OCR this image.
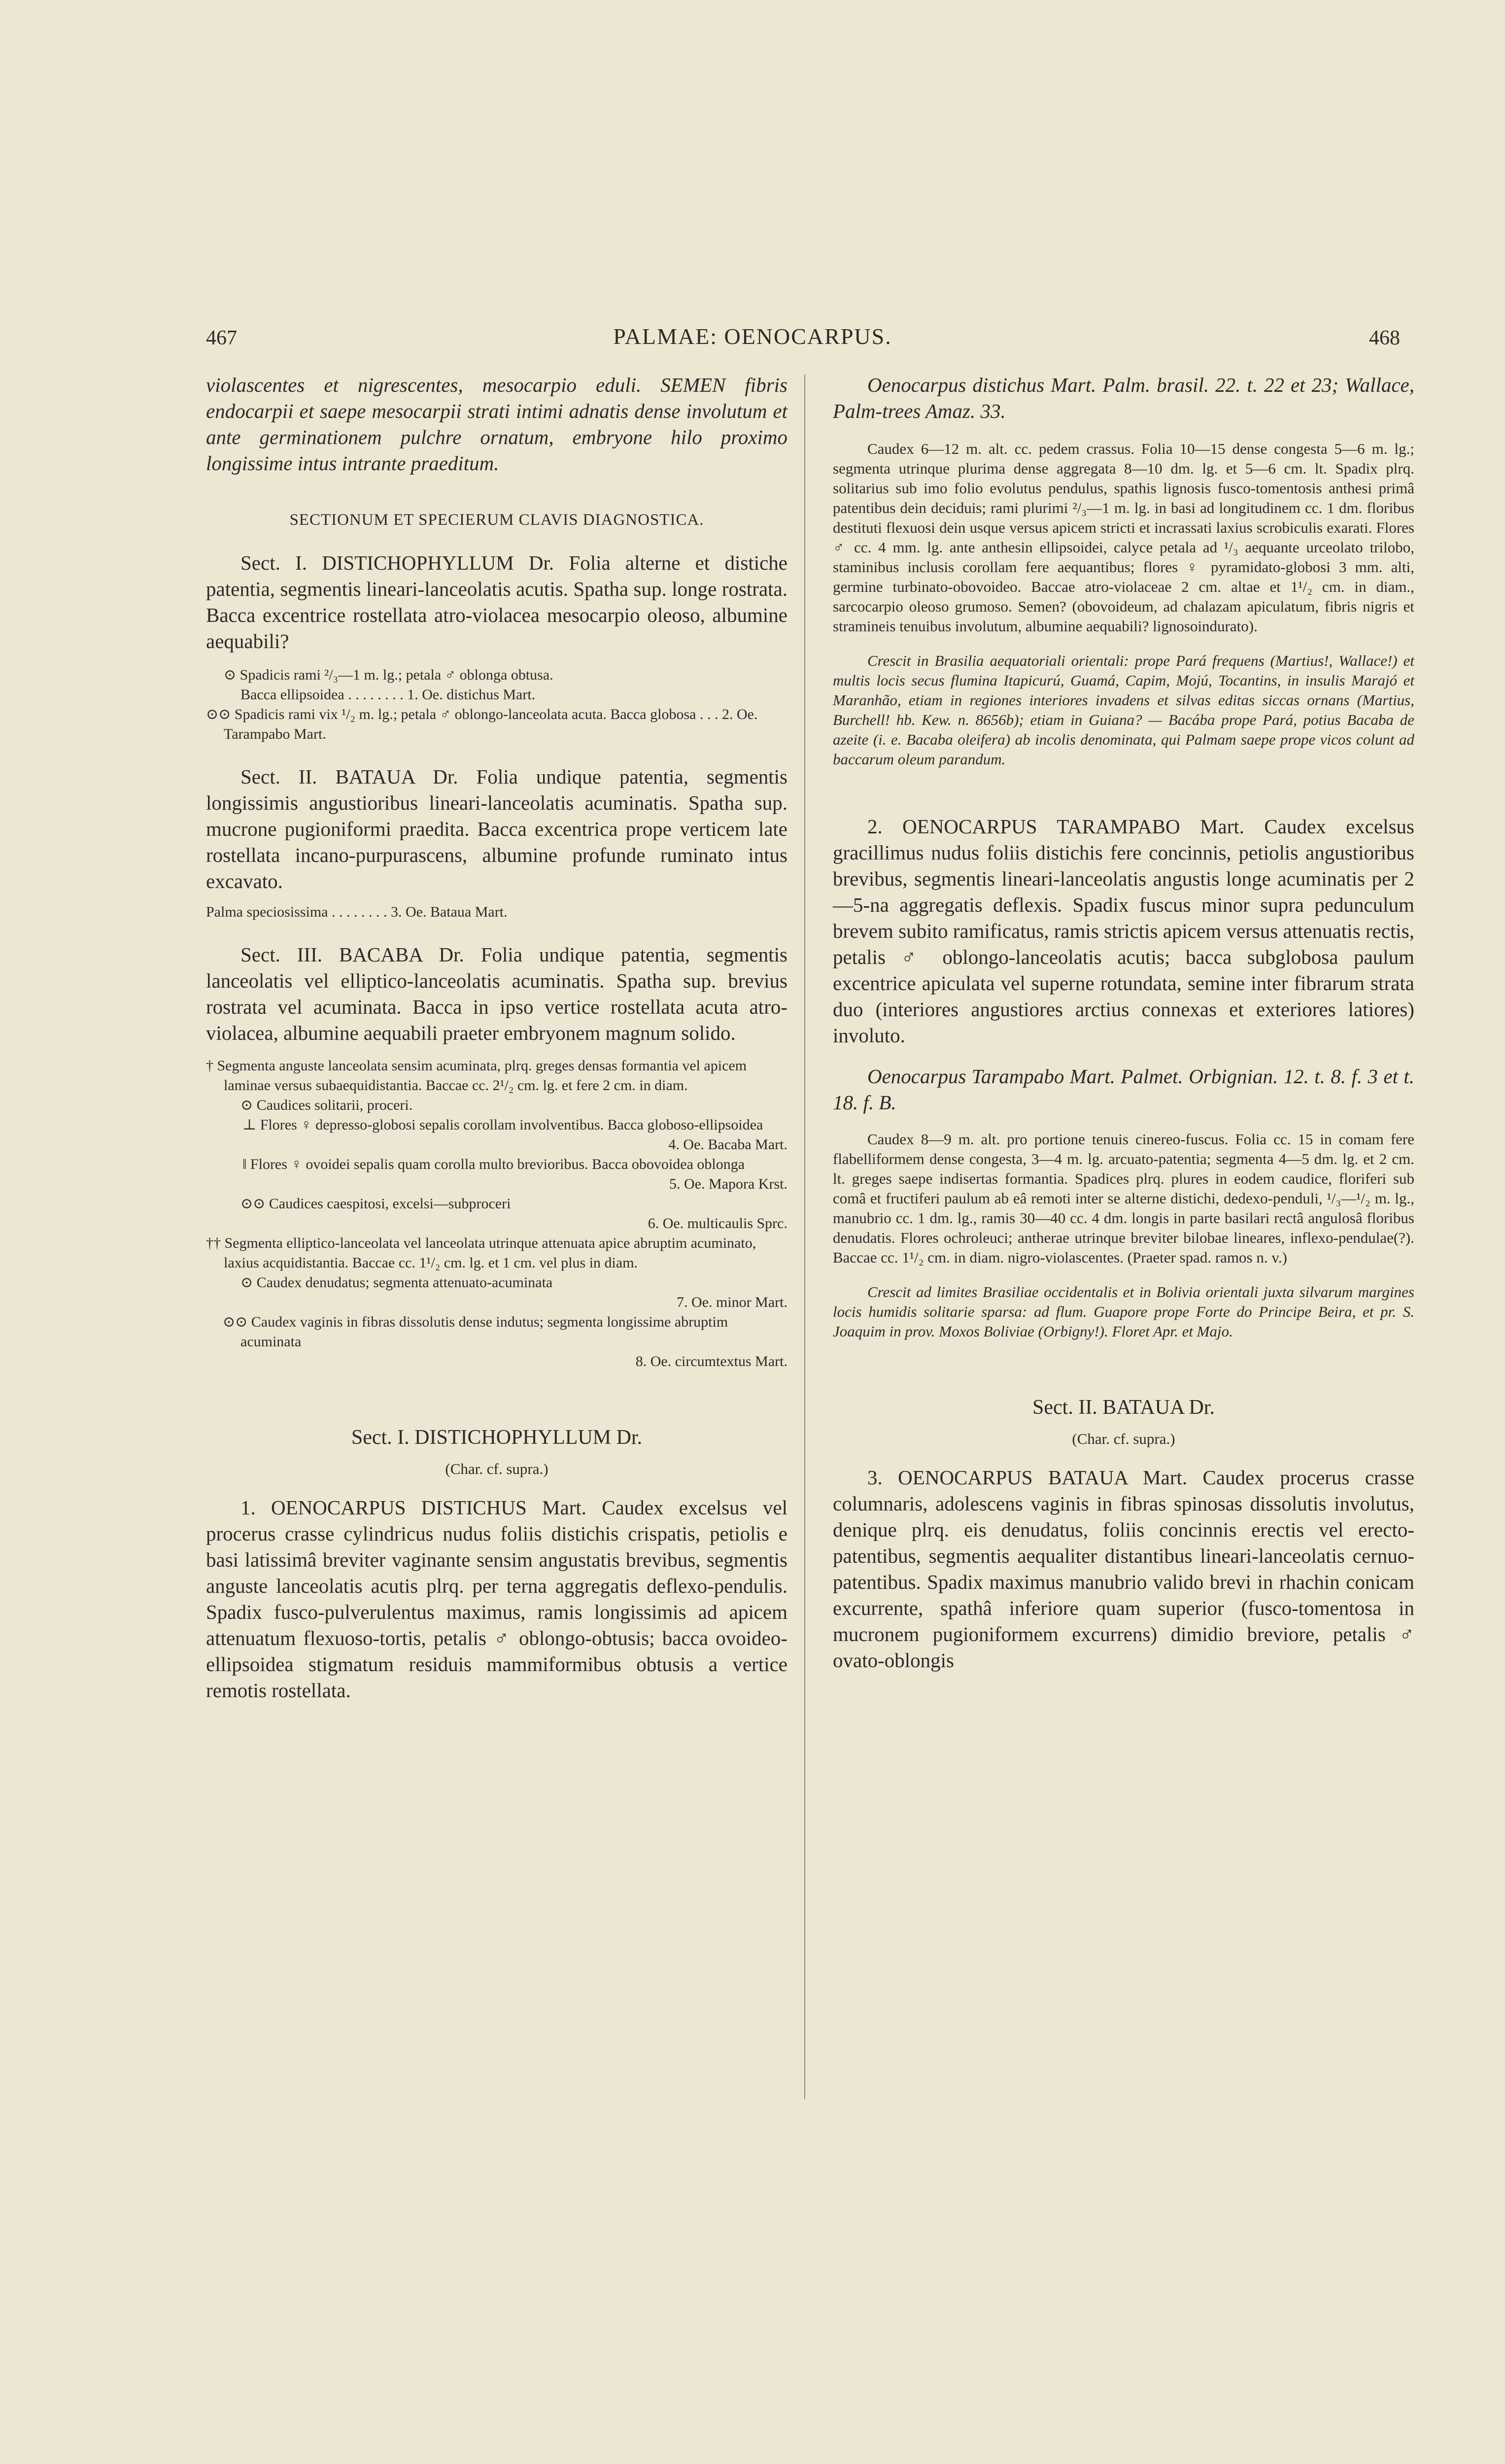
467	PALMAE: OENOCARPUS.	468

violascentes et nigrescentes, mesocarpio eduli. SEMEN fibris endocarpii et saepe mesocarpii strati intimi adnatis dense involutum et ante germinationem pulchre ornatum, embryone hilo proximo longissime intus intrante praeditum.

SECTIONUM ET SPECIERUM CLAVIS DIAGNOSTICA.

Sect. I. DISTICHOPHYLLUM Dr. Folia alterne et distiche patentia, segmentis lineari-lanceolatis acutis. Spatha sup. longe rostrata. Bacca excentrice rostellata atro-violacea mesocarpio oleoso, albumine aequabili?

⊙ Spadicis rami ²/₃—1 m. lg.; petala ♂ oblonga obtusa.

Bacca ellipsoidea . . . . . . . . 1. Oe. distichus Mart.

⊙⊙ Spadicis rami vix ¹/₂ m. lg.; petala ♂ oblongo-lanceolata acuta. Bacca globosa . . . 2. Oe. Tarampabo Mart.

Sect. II. BATAUA Dr. Folia undique patentia, segmentis longissimis angustioribus lineari-lanceolatis acuminatis. Spatha sup. mucrone pugioniformi praedita. Bacca excentrica prope verticem late rostellata incano-purpurascens, albumine profunde ruminato intus excavato.

Palma speciosissima . . . . . . . . 3. Oe. Bataua Mart.

Sect. III. BACABA Dr. Folia undique patentia, segmentis lanceolatis vel elliptico-lanceolatis acuminatis. Spatha sup. brevius rostrata vel acuminata. Bacca in ipso vertice rostellata acuta atro-violacea, albumine aequabili praeter embryonem magnum solido.

† Segmenta anguste lanceolata sensim acuminata, plrq. greges densas formantia vel apicem laminae versus subaequidistantia. Baccae cc. 2¹/₂ cm. lg. et fere 2 cm. in diam.

⊙ Caudices solitarii, proceri.

⊥ Flores ♀ depresso-globosi sepalis corollam involventibus. Bacca globoso-ellipsoidea

4. Oe. Bacaba Mart.

‖ Flores ♀ ovoidei sepalis quam corolla multo brevioribus. Bacca obovoidea oblonga

5. Oe. Mapora Krst.

⊙⊙ Caudices caespitosi, excelsi—subproceri

6. Oe. multicaulis Sprc.

†† Segmenta elliptico-lanceolata vel lanceolata utrinque attenuata apice abruptim acuminato, laxius acquidistantia. Baccae cc. 1¹/₂ cm. lg. et 1 cm. vel plus in diam.

⊙ Caudex denudatus; segmenta attenuato-acuminata

7. Oe. minor Mart.

⊙⊙ Caudex vaginis in fibras dissolutis dense indutus; segmenta longissime abruptim acuminata

8. Oe. circumtextus Mart.

Sect. I. DISTICHOPHYLLUM Dr.

(Char. cf. supra.)

1. OENOCARPUS DISTICHUS Mart. Caudex excelsus vel procerus crasse cylindricus nudus foliis distichis crispatis, petiolis e basi latissimâ breviter vaginante sensim angustatis brevibus, segmentis anguste lanceolatis acutis plrq. per terna aggregatis deflexo-pendulis. Spadix fusco-pulverulentus maximus, ramis longissimis ad apicem attenuatum flexuoso-tortis, petalis ♂ oblongo-obtusis; bacca ovoideo-ellipsoidea stigmatum residuis mammiformibus obtusis a vertice remotis rostellata.

Oenocarpus distichus Mart. Palm. brasil. 22. t. 22 et 23; Wallace, Palm-trees Amaz. 33.

Caudex 6—12 m. alt. cc. pedem crassus. Folia 10—15 dense congesta 5—6 m. lg.; segmenta utrinque plurima dense aggregata 8—10 dm. lg. et 5—6 cm. lt. Spadix plrq. solitarius sub imo folio evolutus pendulus, spathis lignosis fusco-tomentosis anthesi primâ patentibus dein deciduis; rami plurimi ²/₃—1 m. lg. in basi ad longitudinem cc. 1 dm. floribus destituti flexuosi dein usque versus apicem stricti et incrassati laxius scrobiculis exarati. Flores ♂ cc. 4 mm. lg. ante anthesin ellipsoidei, calyce petala ad ¹/₃ aequante urceolato trilobo, staminibus inclusis corollam fere aequantibus; flores ♀ pyramidato-globosi 3 mm. alti, germine turbinato-obovoideo. Baccae atro-violaceae 2 cm. altae et 1¹/₂ cm. in diam., sarcocarpio oleoso grumoso. Semen? (obovoideum, ad chalazam apiculatum, fibris nigris et stramineis tenuibus involutum, albumine aequabili? lignosoindurato).

Crescit in Brasilia aequatoriali orientali: prope Pará frequens (Martius!, Wallace!) et multis locis secus flumina Itapicurú, Guamá, Capim, Mojú, Tocantins, in insulis Marajó et Maranhão, etiam in regiones interiores invadens et silvas editas siccas ornans (Martius, Burchell! hb. Kew. n. 8656b); etiam in Guiana? — Bacába prope Pará, potius Bacaba de azeite (i. e. Bacaba oleifera) ab incolis denominata, qui Palmam saepe prope vicos colunt ad baccarum oleum parandum.

2. OENOCARPUS TARAMPABO Mart. Caudex excelsus gracillimus nudus foliis distichis fere concinnis, petiolis angustioribus brevibus, segmentis lineari-lanceolatis angustis longe acuminatis per 2—5-na aggregatis deflexis. Spadix fuscus minor supra pedunculum brevem subito ramificatus, ramis strictis apicem versus attenuatis rectis, petalis ♂ oblongo-lanceolatis acutis; bacca subglobosa paulum excentrice apiculata vel superne rotundata, semine inter fibrarum strata duo (interiores angustiores arctius connexas et exteriores latiores) involuto.

Oenocarpus Tarampabo Mart. Palmet. Orbignian. 12. t. 8. f. 3 et t. 18. f. B.

Caudex 8—9 m. alt. pro portione tenuis cinereo-fuscus. Folia cc. 15 in comam fere flabelliformem dense congesta, 3—4 m. lg. arcuato-patentia; segmenta 4—5 dm. lg. et 2 cm. lt. greges saepe indisertas formantia. Spadices plrq. plures in eodem caudice, floriferi sub comâ et fructiferi paulum ab eâ remoti inter se alterne distichi, dedexo-penduli, ¹/₃—¹/₂ m. lg., manubrio cc. 1 dm. lg., ramis 30—40 cc. 4 dm. longis in parte basilari rectâ angulosâ floribus denudatis. Flores ochroleuci; antherae utrinque breviter bilobae lineares, inflexo-pendulae(?). Baccae cc. 1¹/₂ cm. in diam. nigro-violascentes. (Praeter spad. ramos n. v.)

Crescit ad limites Brasiliae occidentalis et in Bolivia orientali juxta silvarum margines locis humidis solitarie sparsa: ad flum. Guapore prope Forte do Principe Beira, et pr. S. Joaquim in prov. Moxos Boliviae (Orbigny!). Floret Apr. et Majo.

Sect. II. BATAUA Dr.

(Char. cf. supra.)

3. OENOCARPUS BATAUA Mart. Caudex procerus crasse columnaris, adolescens vaginis in fibras spinosas dissolutis involutus, denique plrq. eis denudatus, foliis concinnis erectis vel erecto-patentibus, segmentis aequaliter distantibus lineari-lanceolatis cernuo-patentibus. Spadix maximus manubrio valido brevi in rhachin conicam excurrente, spathâ inferiore quam superior (fusco-tomentosa in mucronem pugioniformem excurrens) dimidio breviore, petalis ♂ ovato-oblongis
